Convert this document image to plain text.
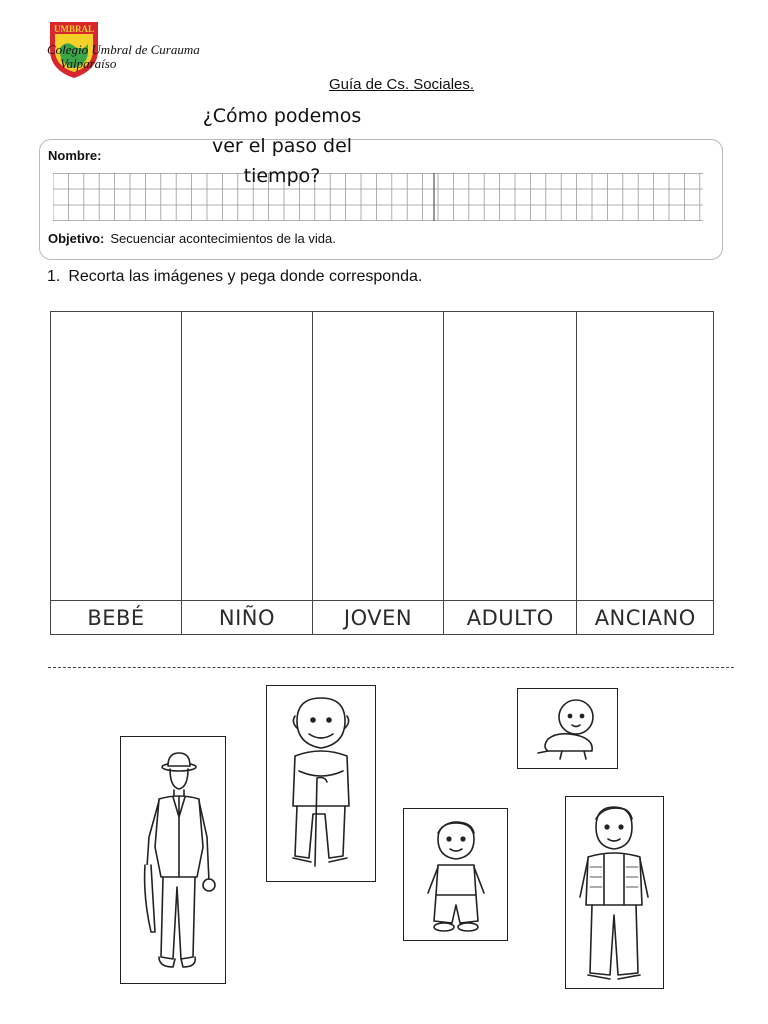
UMBRAL
Colegio Umbral de Curauma
Valparaíso
Guía de Cs. Sociales.
Nombre:
¿Cómo podemos ver el paso del tiempo?
Objetivo: Secuenciar acontecimientos de la vida.
1. Recorta las imágenes y pega donde corresponda.

BEBÉ	NIÑO	JOVEN	ADULTO	ANCIANO
